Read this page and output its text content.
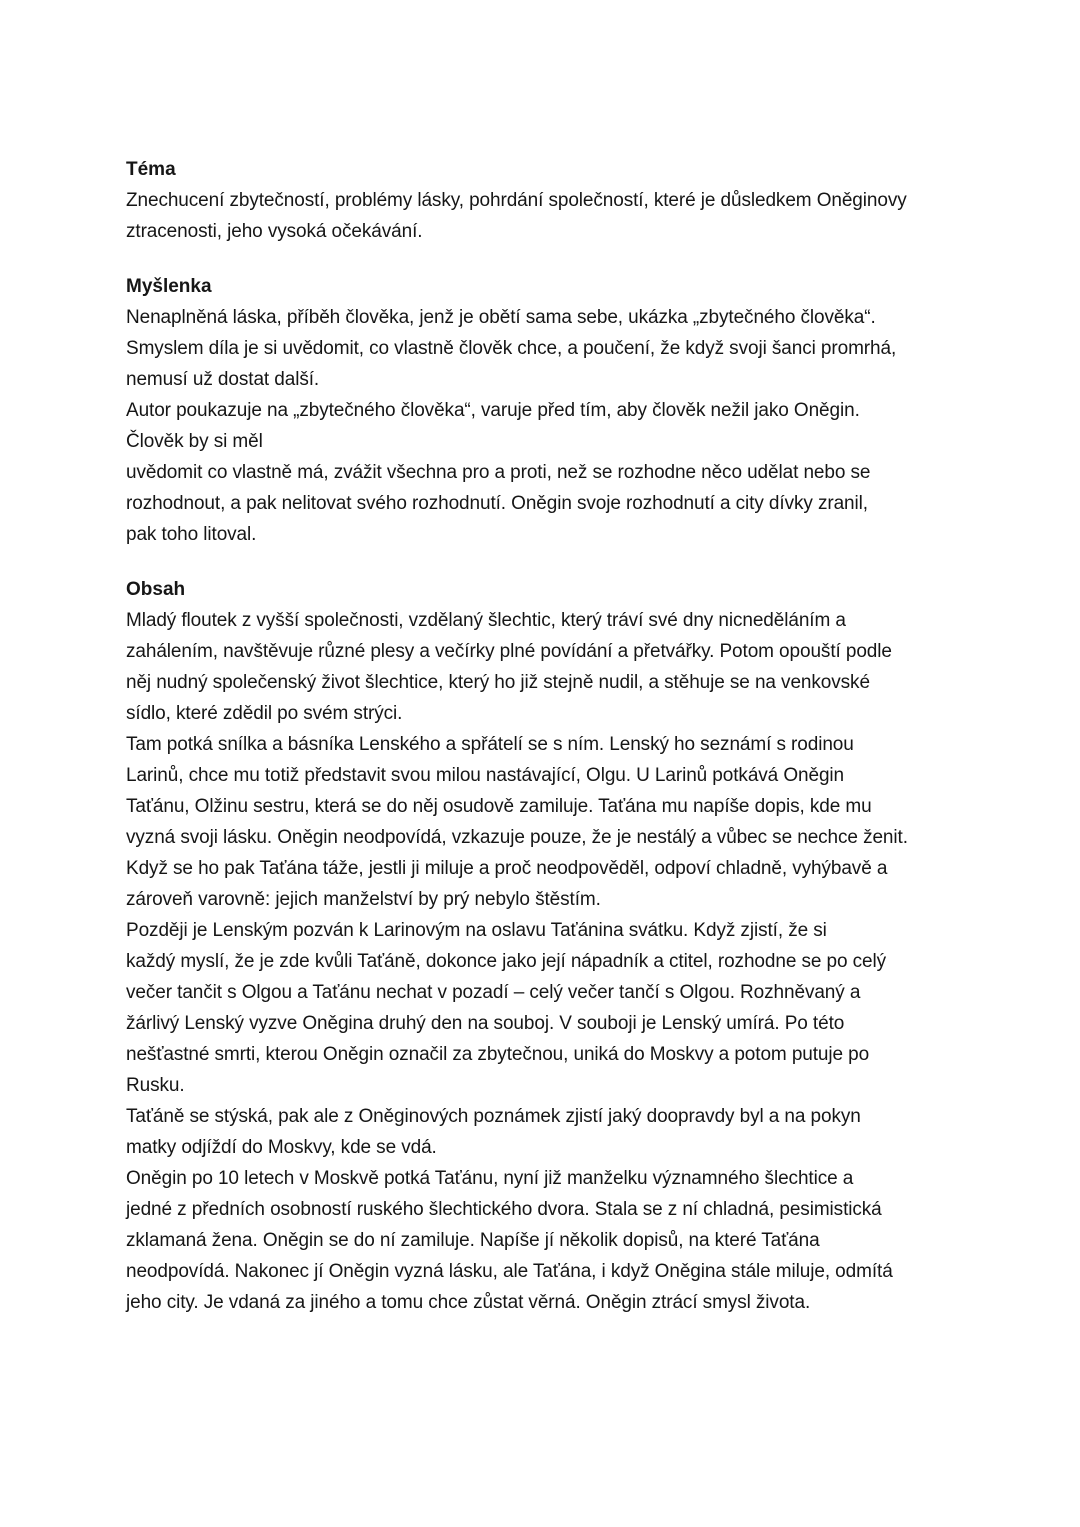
Téma
Znechucení zbytečností, problémy lásky, pohrdání společností, které je důsledkem Oněginovy
ztracenosti, jeho vysoká očekávání.
Myšlenka
Nenaplněná láska, příběh člověka, jenž je obětí sama sebe, ukázka „zbytečného člověka“.
Smyslem díla je si uvědomit, co vlastně člověk chce, a poučení, že když svoji šanci promrhá,
nemusí už dostat další.
Autor poukazuje na „zbytečného člověka“, varuje před tím, aby člověk nežil jako Oněgin.
Člověk by si měl
uvědomit co vlastně má, zvážit všechna pro a proti, než se rozhodne něco udělat nebo se
rozhodnout, a pak nelitovat svého rozhodnutí. Oněgin svoje rozhodnutí a city dívky zranil,
pak toho litoval.
Obsah
Mladý floutek z vyšší společnosti, vzdělaný šlechtic, který tráví své dny nicneděláním a
zahálením, navštěvuje různé plesy a večírky plné povídání a přetvářky. Potom opouští podle
něj nudný společenský život šlechtice, který ho již stejně nudil, a stěhuje se na venkovské
sídlo, které zdědil po svém strýci.
Tam potká snílka a básníka Lenského a spřátelí se s ním. Lenský ho seznámí s rodinou
Larinů, chce mu totiž představit svou milou nastávající, Olgu. U Larinů potkává Oněgin
Taťánu, Olžinu sestru, která se do něj osudově zamiluje. Taťána mu napíše dopis, kde mu
vyzná svoji lásku. Oněgin neodpovídá, vzkazuje pouze, že je nestálý a vůbec se nechce ženit.
Když se ho pak Taťána táže, jestli ji miluje a proč neodpověděl, odpoví chladně, vyhýbavě a
zároveň varovně: jejich manželství by prý nebylo štěstím.
Později je Lenským pozván k Larinovým na oslavu Taťánina svátku. Když zjistí, že si
každý myslí, že je zde kvůli Taťáně, dokonce jako její nápadník a ctitel, rozhodne se po celý
večer tančit s Olgou a Taťánu nechat v pozadí – celý večer tančí s Olgou. Rozhněvaný a
žárlivý Lenský vyzve Oněgina druhý den na souboj. V souboji je Lenský umírá. Po této
nešťastné smrti, kterou Oněgin označil za zbytečnou, uniká do Moskvy a potom putuje po
Rusku.
Taťáně se stýská, pak ale z Oněginových poznámek zjistí jaký doopravdy byl a na pokyn
matky odjíždí do Moskvy, kde se vdá.
Oněgin po 10 letech v Moskvě potká Taťánu, nyní již manželku významného šlechtice a
jedné z předních osobností ruského šlechtického dvora. Stala se z ní chladná, pesimistická
zklamaná žena. Oněgin se do ní zamiluje. Napíše jí několik dopisů, na které Taťána
neodpovídá. Nakonec jí Oněgin vyzná lásku, ale Taťána, i když Oněgina stále miluje, odmítá
jeho city. Je vdaná za jiného a tomu chce zůstat věrná. Oněgin ztrácí smysl života.
